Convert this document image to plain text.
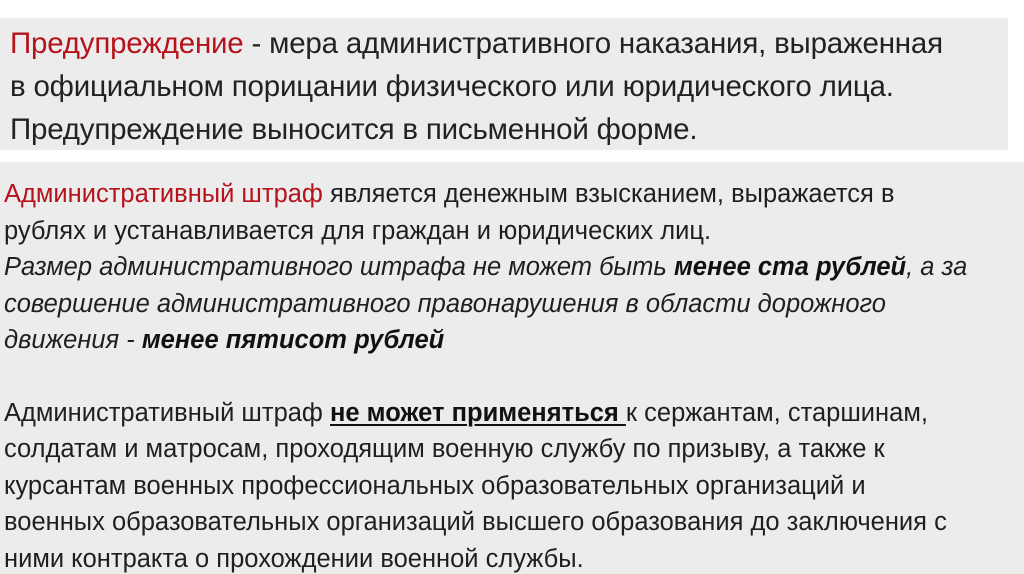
Предупреждение - мера административного наказания, выраженная

в официальном порицании физического или юридического лица.

Предупреждение выносится в письменной форме.

Административный штраф является денежным взысканием, выражается в

рублях и устанавливается для граждан и юридических лиц.

Размер административного штрафа не может быть менее ста рублей, а за

совершение административного правонарушения в области дорожного

движения - менее пятисот рублей

Административный штраф не может применяться к сержантам, старшинам,

солдатам и матросам, проходящим военную службу по призыву, а также к

курсантам военных профессиональных образовательных организаций и

военных образовательных организаций высшего образования до заключения с

ними контракта о прохождении военной службы.
